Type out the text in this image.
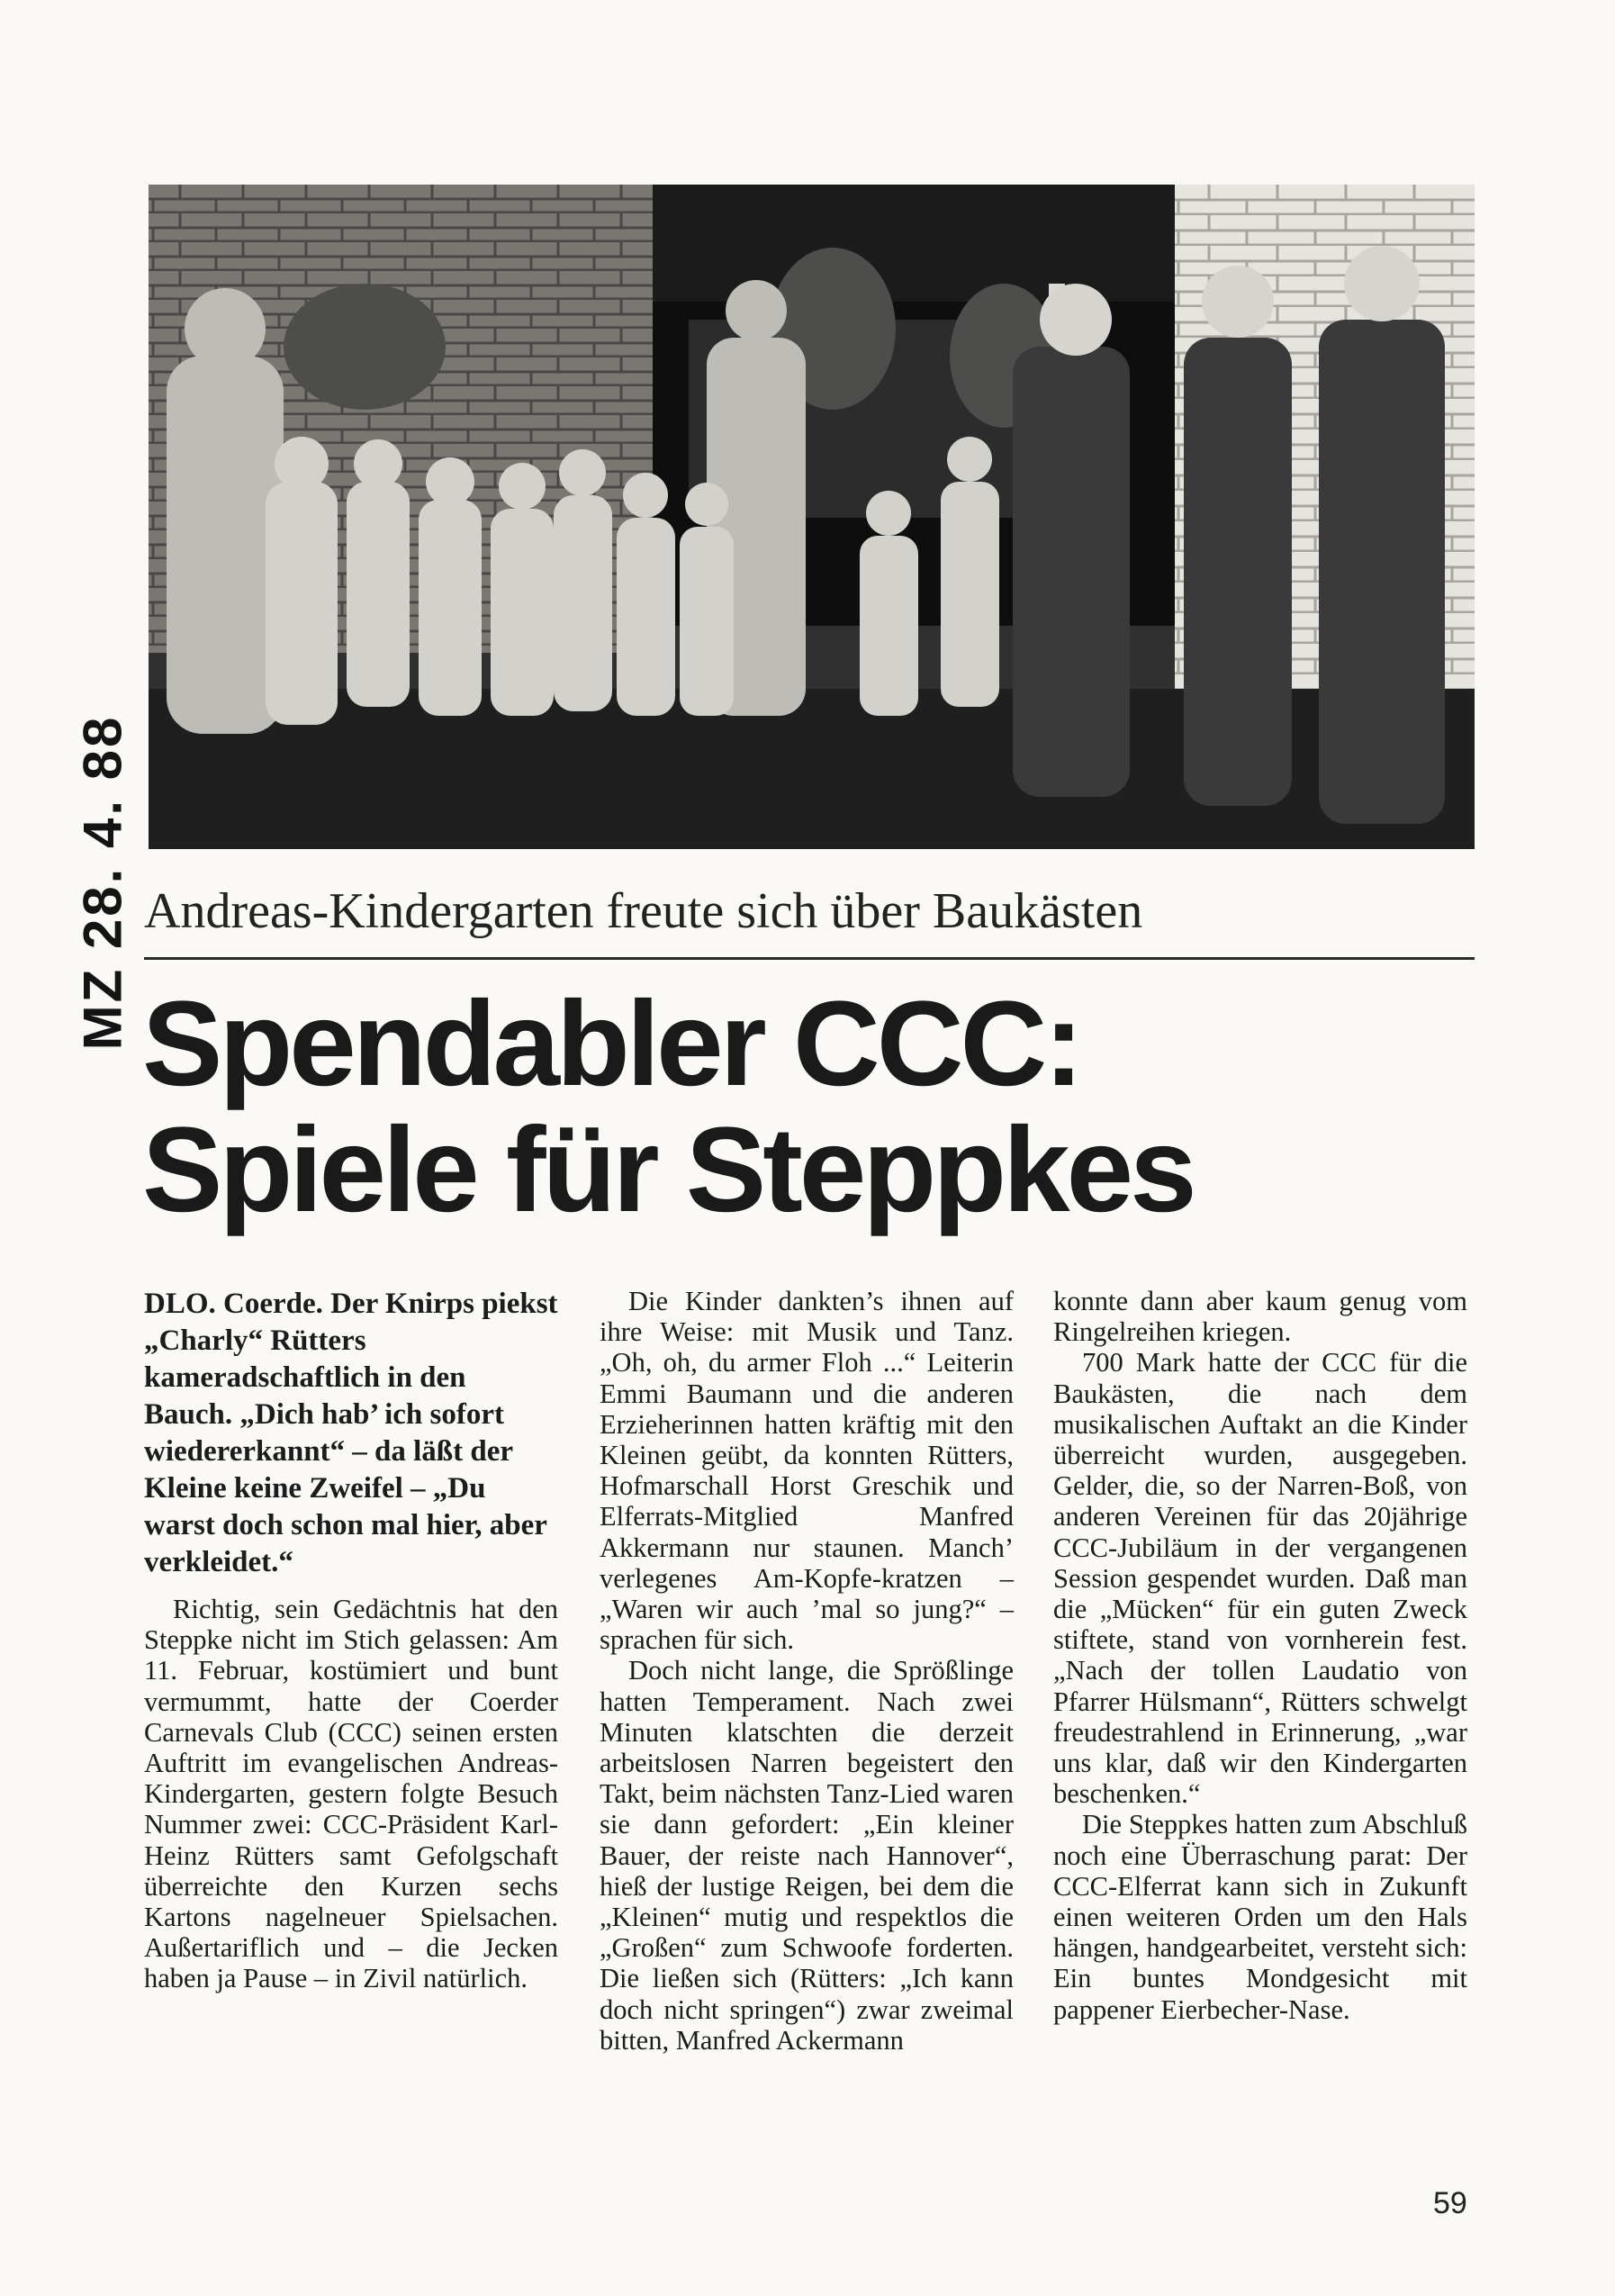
MZ 28. 4. 88 Andreas-Kindergarten freute sich über Baukästen
Spendabler CCC:
Spiele für Steppkes

DLO. Coerde. Der Knirps piekst „Charly“ Rütters kameradschaftlich in den Bauch. „Dich hab’ ich sofort wiedererkannt“ – da läßt der Kleine keine Zweifel – „Du warst doch schon mal hier, aber verkleidet.“

Richtig, sein Gedächtnis hat den Steppke nicht im Stich gelassen: Am 11. Februar, kostümiert und bunt vermummt, hatte der Coerder Carnevals Club (CCC) seinen ersten Auftritt im evangelischen Andreas-Kindergarten, gestern folgte Besuch Nummer zwei: CCC-Präsident Karl-Heinz Rütters samt Gefolgschaft überreichte den Kurzen sechs Kartons nagelneuer Spielsachen. Außertariflich und – die Jecken haben ja Pause – in Zivil natürlich.

Die Kinder dankten’s ihnen auf ihre Weise: mit Musik und Tanz. „Oh, oh, du armer Floh ...“ Leiterin Emmi Baumann und die anderen Erzieherinnen hatten kräftig mit den Kleinen geübt, da konnten Rütters, Hofmarschall Horst Greschik und Elferrats-Mitglied Manfred Akkermann nur staunen. Manch’ verlegenes Am-Kopfe-kratzen – „Waren wir auch ’mal so jung?“ – sprachen für sich.

Doch nicht lange, die Sprößlinge hatten Temperament. Nach zwei Minuten klatschten die derzeit arbeitslosen Narren begeistert den Takt, beim nächsten Tanz-Lied waren sie dann gefordert: „Ein kleiner Bauer, der reiste nach Hannover“, hieß der lustige Reigen, bei dem die „Kleinen“ mutig und respektlos die „Großen“ zum Schwoofe forderten. Die ließen sich (Rütters: „Ich kann doch nicht springen“) zwar zweimal bitten, Manfred Ackermann

konnte dann aber kaum genug vom Ringelreihen kriegen.

700 Mark hatte der CCC für die Baukästen, die nach dem musikalischen Auftakt an die Kinder überreicht wurden, ausgegeben. Gelder, die, so der Narren-Boß, von anderen Vereinen für das 20jährige CCC-Jubiläum in der vergangenen Session gespendet wurden. Daß man die „Mücken“ für ein guten Zweck stiftete, stand von vornherein fest. „Nach der tollen Laudatio von Pfarrer Hülsmann“, Rütters schwelgt freudestrahlend in Erinnerung, „war uns klar, daß wir den Kindergarten beschenken.“

Die Steppkes hatten zum Abschluß noch eine Überraschung parat: Der CCC-Elferrat kann sich in Zukunft einen weiteren Orden um den Hals hängen, handgearbeitet, versteht sich: Ein buntes Mondgesicht mit pappener Eierbecher-Nase.

59
